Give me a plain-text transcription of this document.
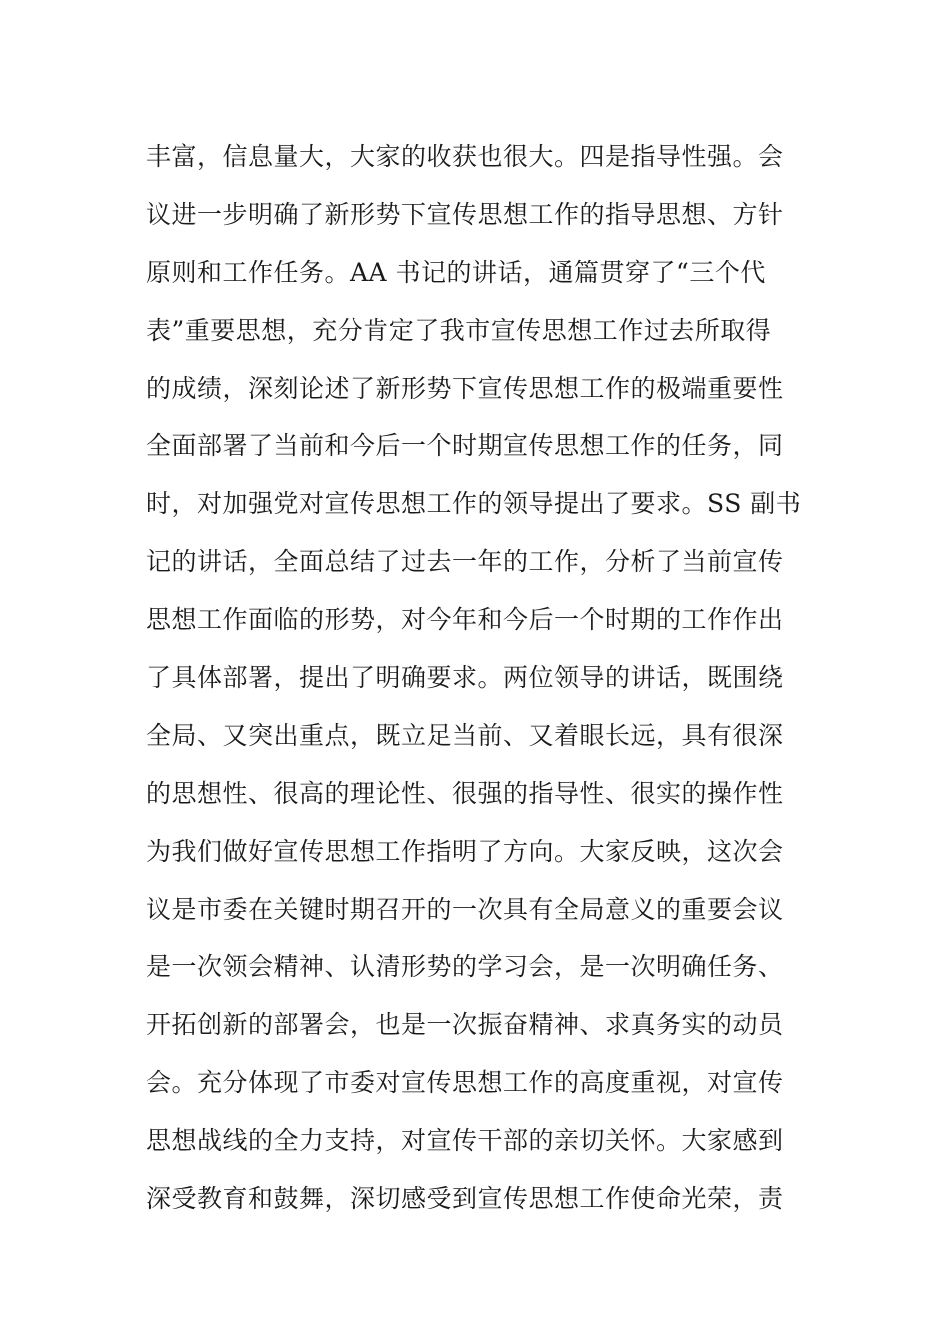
丰富，信息量大，大家的收获也很大。四是指导性强。会
议进一步明确了新形势下宣传思想工作的指导思想、方针
原则和工作任务。AA 书记的讲话，通篇贯穿了“三个代
表”重要思想，充分肯定了我市宣传思想工作过去所取得
的成绩，深刻论述了新形势下宣传思想工作的极端重要性
全面部署了当前和今后一个时期宣传思想工作的任务，同
时，对加强党对宣传思想工作的领导提出了要求。SS 副书
记的讲话，全面总结了过去一年的工作，分析了当前宣传
思想工作面临的形势，对今年和今后一个时期的工作作出
了具体部署，提出了明确要求。两位领导的讲话，既围绕
全局、又突出重点，既立足当前、又着眼长远，具有很深
的思想性、很高的理论性、很强的指导性、很实的操作性
为我们做好宣传思想工作指明了方向。大家反映，这次会
议是市委在关键时期召开的一次具有全局意义的重要会议
是一次领会精神、认清形势的学习会，是一次明确任务、
开拓创新的部署会，也是一次振奋精神、求真务实的动员
会。充分体现了市委对宣传思想工作的高度重视，对宣传
思想战线的全力支持，对宣传干部的亲切关怀。大家感到
深受教育和鼓舞，深切感受到宣传思想工作使命光荣，责
